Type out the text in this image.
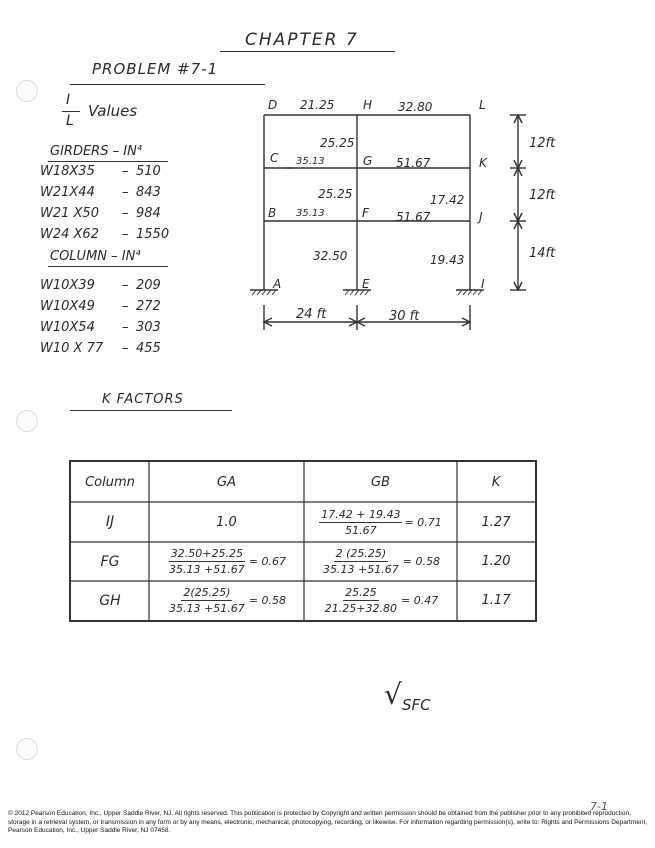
CHAPTER 7
PROBLEM #7-1
I
L
Values
GIRDERS – IN⁴
W18X35 – 510
W21X44 – 843
W21 X50 – 984
W24 X62 – 1550
COLUMN – IN⁴
W10X39 – 209
W10X49 – 272
W10X54 – 303
W10 X 77 – 455
D	H	L
C	G	K
B	F	J
A	E	I
21.25	32.80
25.25
35.13	51.67
25.25	17.42
35.13	51.67
32.50	19.43
12ft
12ft
14ft
24 ft	30 ft
K FACTORS
Column	GA	GB	K
IJ	1.0	$\frac{17.42 + 19.43}{51.67} = 0.71$	1.27
FG	$\frac{32.50+25.25}{35.13 +51.67} = 0.67$	$\frac{2 (25.25)}{35.13 +51.67} = 0.58$	1.20
GH	$\frac{2(25.25)}{35.13 +51.67} = 0.58$	$\frac{25.25}{21.25+32.80} = 0.47$	1.17
√ SFC
7-1
© 2012 Pearson Education, Inc., Upper Saddle River, NJ. All rights reserved. This publication is protected by Copyright and written permission should be obtained from the publisher prior to any prohibited reproduction, storage in a retrieval system, or transmission in any form or by any means, electronic, mechanical, photocopying, recording, or likewise. For information regarding permission(s), write to: Rights and Permissions Department, Pearson Education, Inc., Upper Saddle River, NJ 07458.
